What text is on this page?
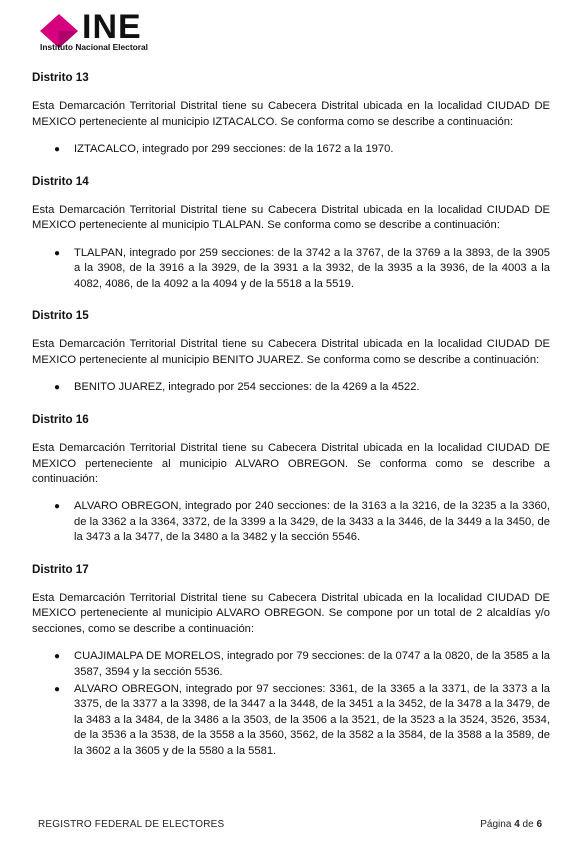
INE
Instituto Nacional Electoral

Distrito 13

Esta Demarcación Territorial Distrital tiene su Cabecera Distrital ubicada en la localidad CIUDAD DE MEXICO perteneciente al municipio IZTACALCO. Se conforma como se describe a continuación:

● IZTACALCO, integrado por 299 secciones: de la 1672 a la 1970.

Distrito 14

Esta Demarcación Territorial Distrital tiene su Cabecera Distrital ubicada en la localidad CIUDAD DE MEXICO perteneciente al municipio TLALPAN. Se conforma como se describe a continuación:

● TLALPAN, integrado por 259 secciones: de la 3742 a la 3767, de la 3769 a la 3893, de la 3905 a la 3908, de la 3916 a la 3929, de la 3931 a la 3932, de la 3935 a la 3936, de la 4003 a la 4082, 4086, de la 4092 a la 4094 y de la 5518 a la 5519.

Distrito 15

Esta Demarcación Territorial Distrital tiene su Cabecera Distrital ubicada en la localidad CIUDAD DE MEXICO perteneciente al municipio BENITO JUAREZ. Se conforma como se describe a continuación:

● BENITO JUAREZ, integrado por 254 secciones: de la 4269 a la 4522.

Distrito 16

Esta Demarcación Territorial Distrital tiene su Cabecera Distrital ubicada en la localidad CIUDAD DE MEXICO perteneciente al municipio ALVARO OBREGON. Se conforma como se describe a continuación:

● ALVARO OBREGON, integrado por 240 secciones: de la 3163 a la 3216, de la 3235 a la 3360, de la 3362 a la 3364, 3372, de la 3399 a la 3429, de la 3433 a la 3446, de la 3449 a la 3450, de la 3473 a la 3477, de la 3480 a la 3482 y la sección 5546.

Distrito 17

Esta Demarcación Territorial Distrital tiene su Cabecera Distrital ubicada en la localidad CIUDAD DE MEXICO perteneciente al municipio ALVARO OBREGON. Se compone por un total de 2 alcaldías y/o secciones, como se describe a continuación:

● CUAJIMALPA DE MORELOS, integrado por 79 secciones: de la 0747 a la 0820, de la 3585 a la 3587, 3594 y la sección 5536.
● ALVARO OBREGON, integrado por 97 secciones: 3361, de la 3365 a la 3371, de la 3373 a la 3375, de la 3377 a la 3398, de la 3447 a la 3448, de la 3451 a la 3452, de la 3478 a la 3479, de la 3483 a la 3484, de la 3486 a la 3503, de la 3506 a la 3521, de la 3523 a la 3524, 3526, 3534, de la 3536 a la 3538, de la 3558 a la 3560, 3562, de la 3582 a la 3584, de la 3588 a la 3589, de la 3602 a la 3605 y de la 5580 a la 5581.
REGISTRO FEDERAL DE ELECTORES	Página 4 de 6
